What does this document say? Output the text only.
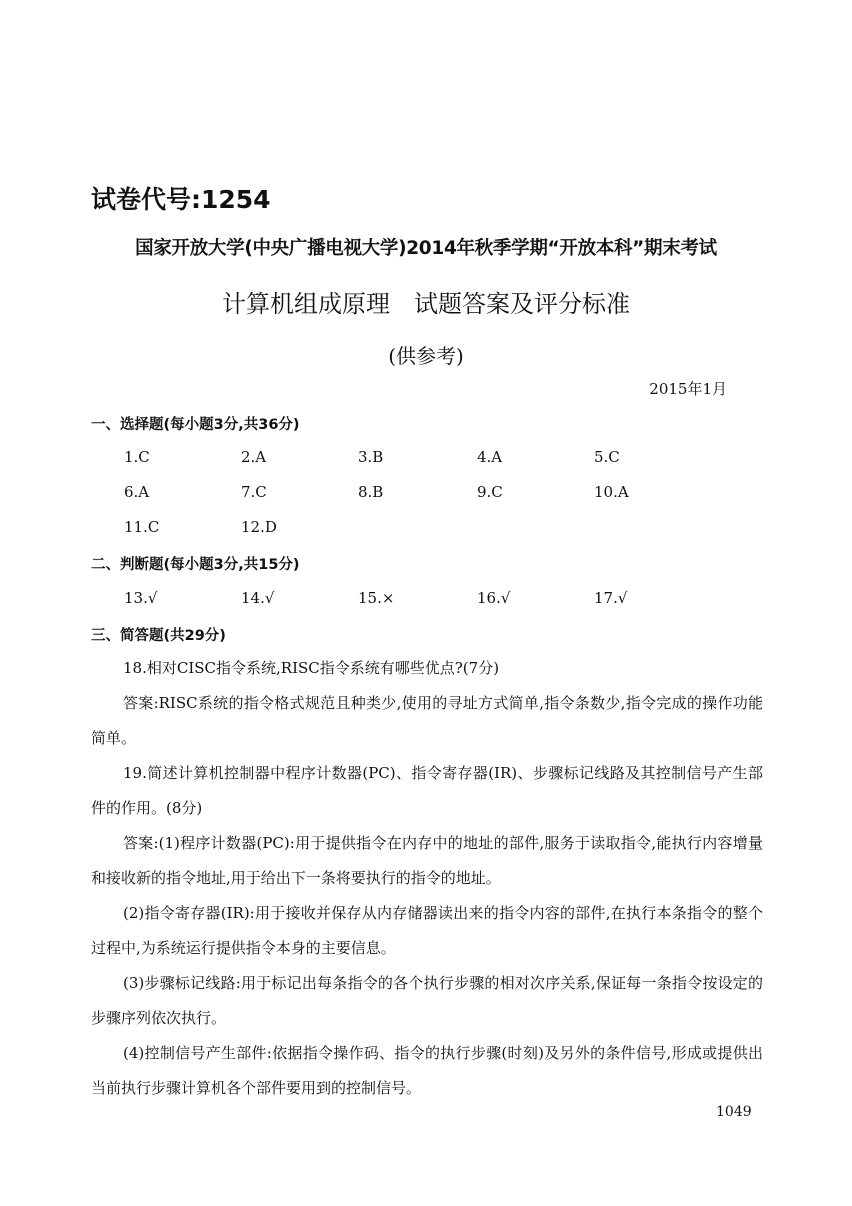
试卷代号:1254
国家开放大学(中央广播电视大学)2014年秋季学期“开放本科”期末考试
计算机组成原理　试题答案及评分标准
(供参考)
2015年1月
一、选择题(每小题3分,共36分)
1.C	2.A	3.B	4.A	5.C
6.A	7.C	8.B	9.C	10.A
11.C	12.D
二、判断题(每小题3分,共15分)
13.√	14.√	15.×	16.√	17.√
三、简答题(共29分)
18.相对CISC指令系统,RISC指令系统有哪些优点?(7分)
答案:RISC系统的指令格式规范且种类少,使用的寻址方式简单,指令条数少,指令完成的操作功能简单。
19.简述计算机控制器中程序计数器(PC)、指令寄存器(IR)、步骤标记线路及其控制信号产生部件的作用。(8分)
答案:(1)程序计数器(PC):用于提供指令在内存中的地址的部件,服务于读取指令,能执行内容增量和接收新的指令地址,用于给出下一条将要执行的指令的地址。
(2)指令寄存器(IR):用于接收并保存从内存储器读出来的指令内容的部件,在执行本条指令的整个过程中,为系统运行提供指令本身的主要信息。
(3)步骤标记线路:用于标记出每条指令的各个执行步骤的相对次序关系,保证每一条指令按设定的步骤序列依次执行。
(4)控制信号产生部件:依据指令操作码、指令的执行步骤(时刻)及另外的条件信号,形成或提供出当前执行步骤计算机各个部件要用到的控制信号。
1049
